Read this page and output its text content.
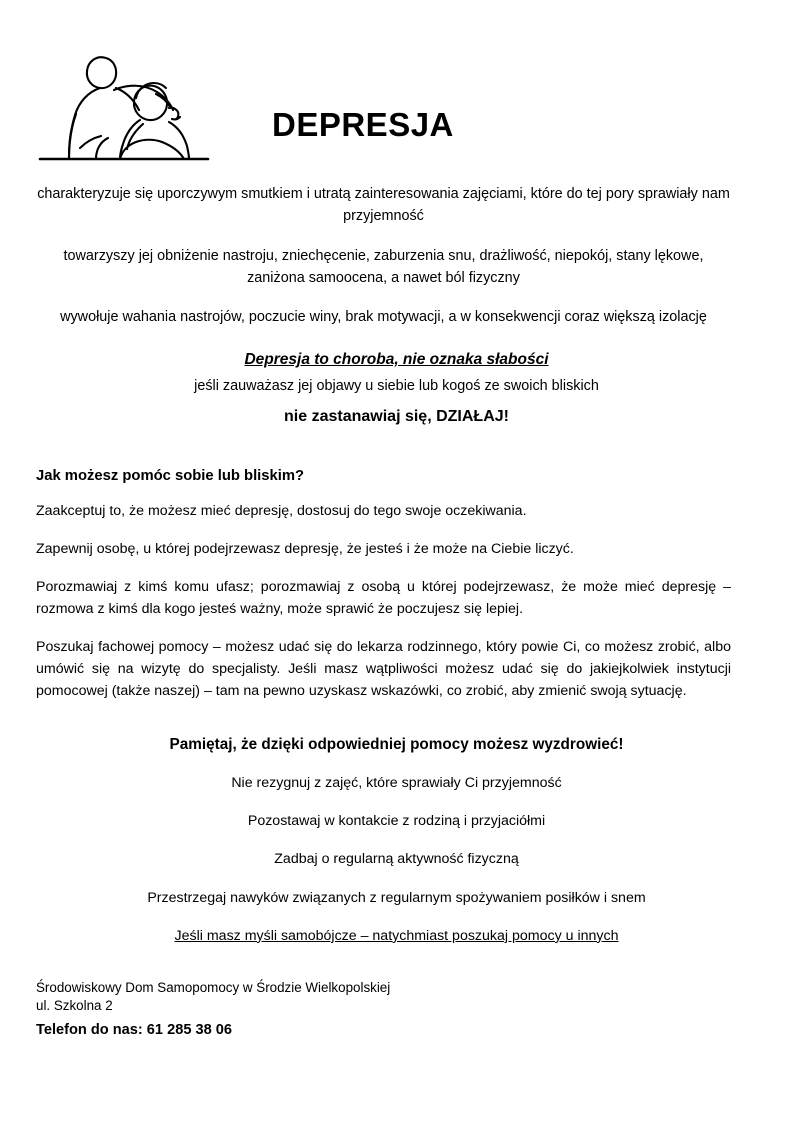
DEPRESJA

charakteryzuje się uporczywym smutkiem i utratą zainteresowania zajęciami, które do tej pory sprawiały nam przyjemność

towarzyszy jej obniżenie nastroju, zniechęcenie, zaburzenia snu, drażliwość, niepokój, stany lękowe, zaniżona samoocena, a nawet ból fizyczny

wywołuje wahania nastrojów, poczucie winy, brak motywacji, a w konsekwencji coraz większą izolację

Depresja to choroba, nie oznaka słabości
jeśli zauważasz jej objawy u siebie lub kogoś ze swoich bliskich
nie zastanawiaj się, DZIAŁAJ!
Jak możesz pomóc sobie lub bliskim?

Zaakceptuj to, że możesz mieć depresję, dostosuj do tego swoje oczekiwania.

Zapewnij osobę, u której podejrzewasz depresję, że jesteś i że może na Ciebie liczyć.

Porozmawiaj z kimś komu ufasz; porozmawiaj z osobą u której podejrzewasz, że może mieć depresję – rozmowa z kimś dla kogo jesteś ważny, może sprawić że poczujesz się lepiej.

Poszukaj fachowej pomocy – możesz udać się do lekarza rodzinnego, który powie Ci, co możesz zrobić, albo umówić się na wizytę do specjalisty. Jeśli masz wątpliwości możesz udać się do jakiejkolwiek instytucji pomocowej (także naszej) – tam na pewno uzyskasz wskazówki, co zrobić, aby zmienić swoją sytuację.

Pamiętaj, że dzięki odpowiedniej pomocy możesz wyzdrowieć!
Nie rezygnuj z zajęć, które sprawiały Ci przyjemność
Pozostawaj w kontakcie z rodziną i przyjaciółmi
Zadbaj o regularną aktywność fizyczną
Przestrzegaj nawyków związanych z regularnym spożywaniem posiłków i snem
Jeśli masz myśli samobójcze – natychmiast poszukaj pomocy u innych
Środowiskowy Dom Samopomocy w Środzie Wielkopolskiej
ul. Szkolna 2
Telefon do nas: 61 285 38 06
